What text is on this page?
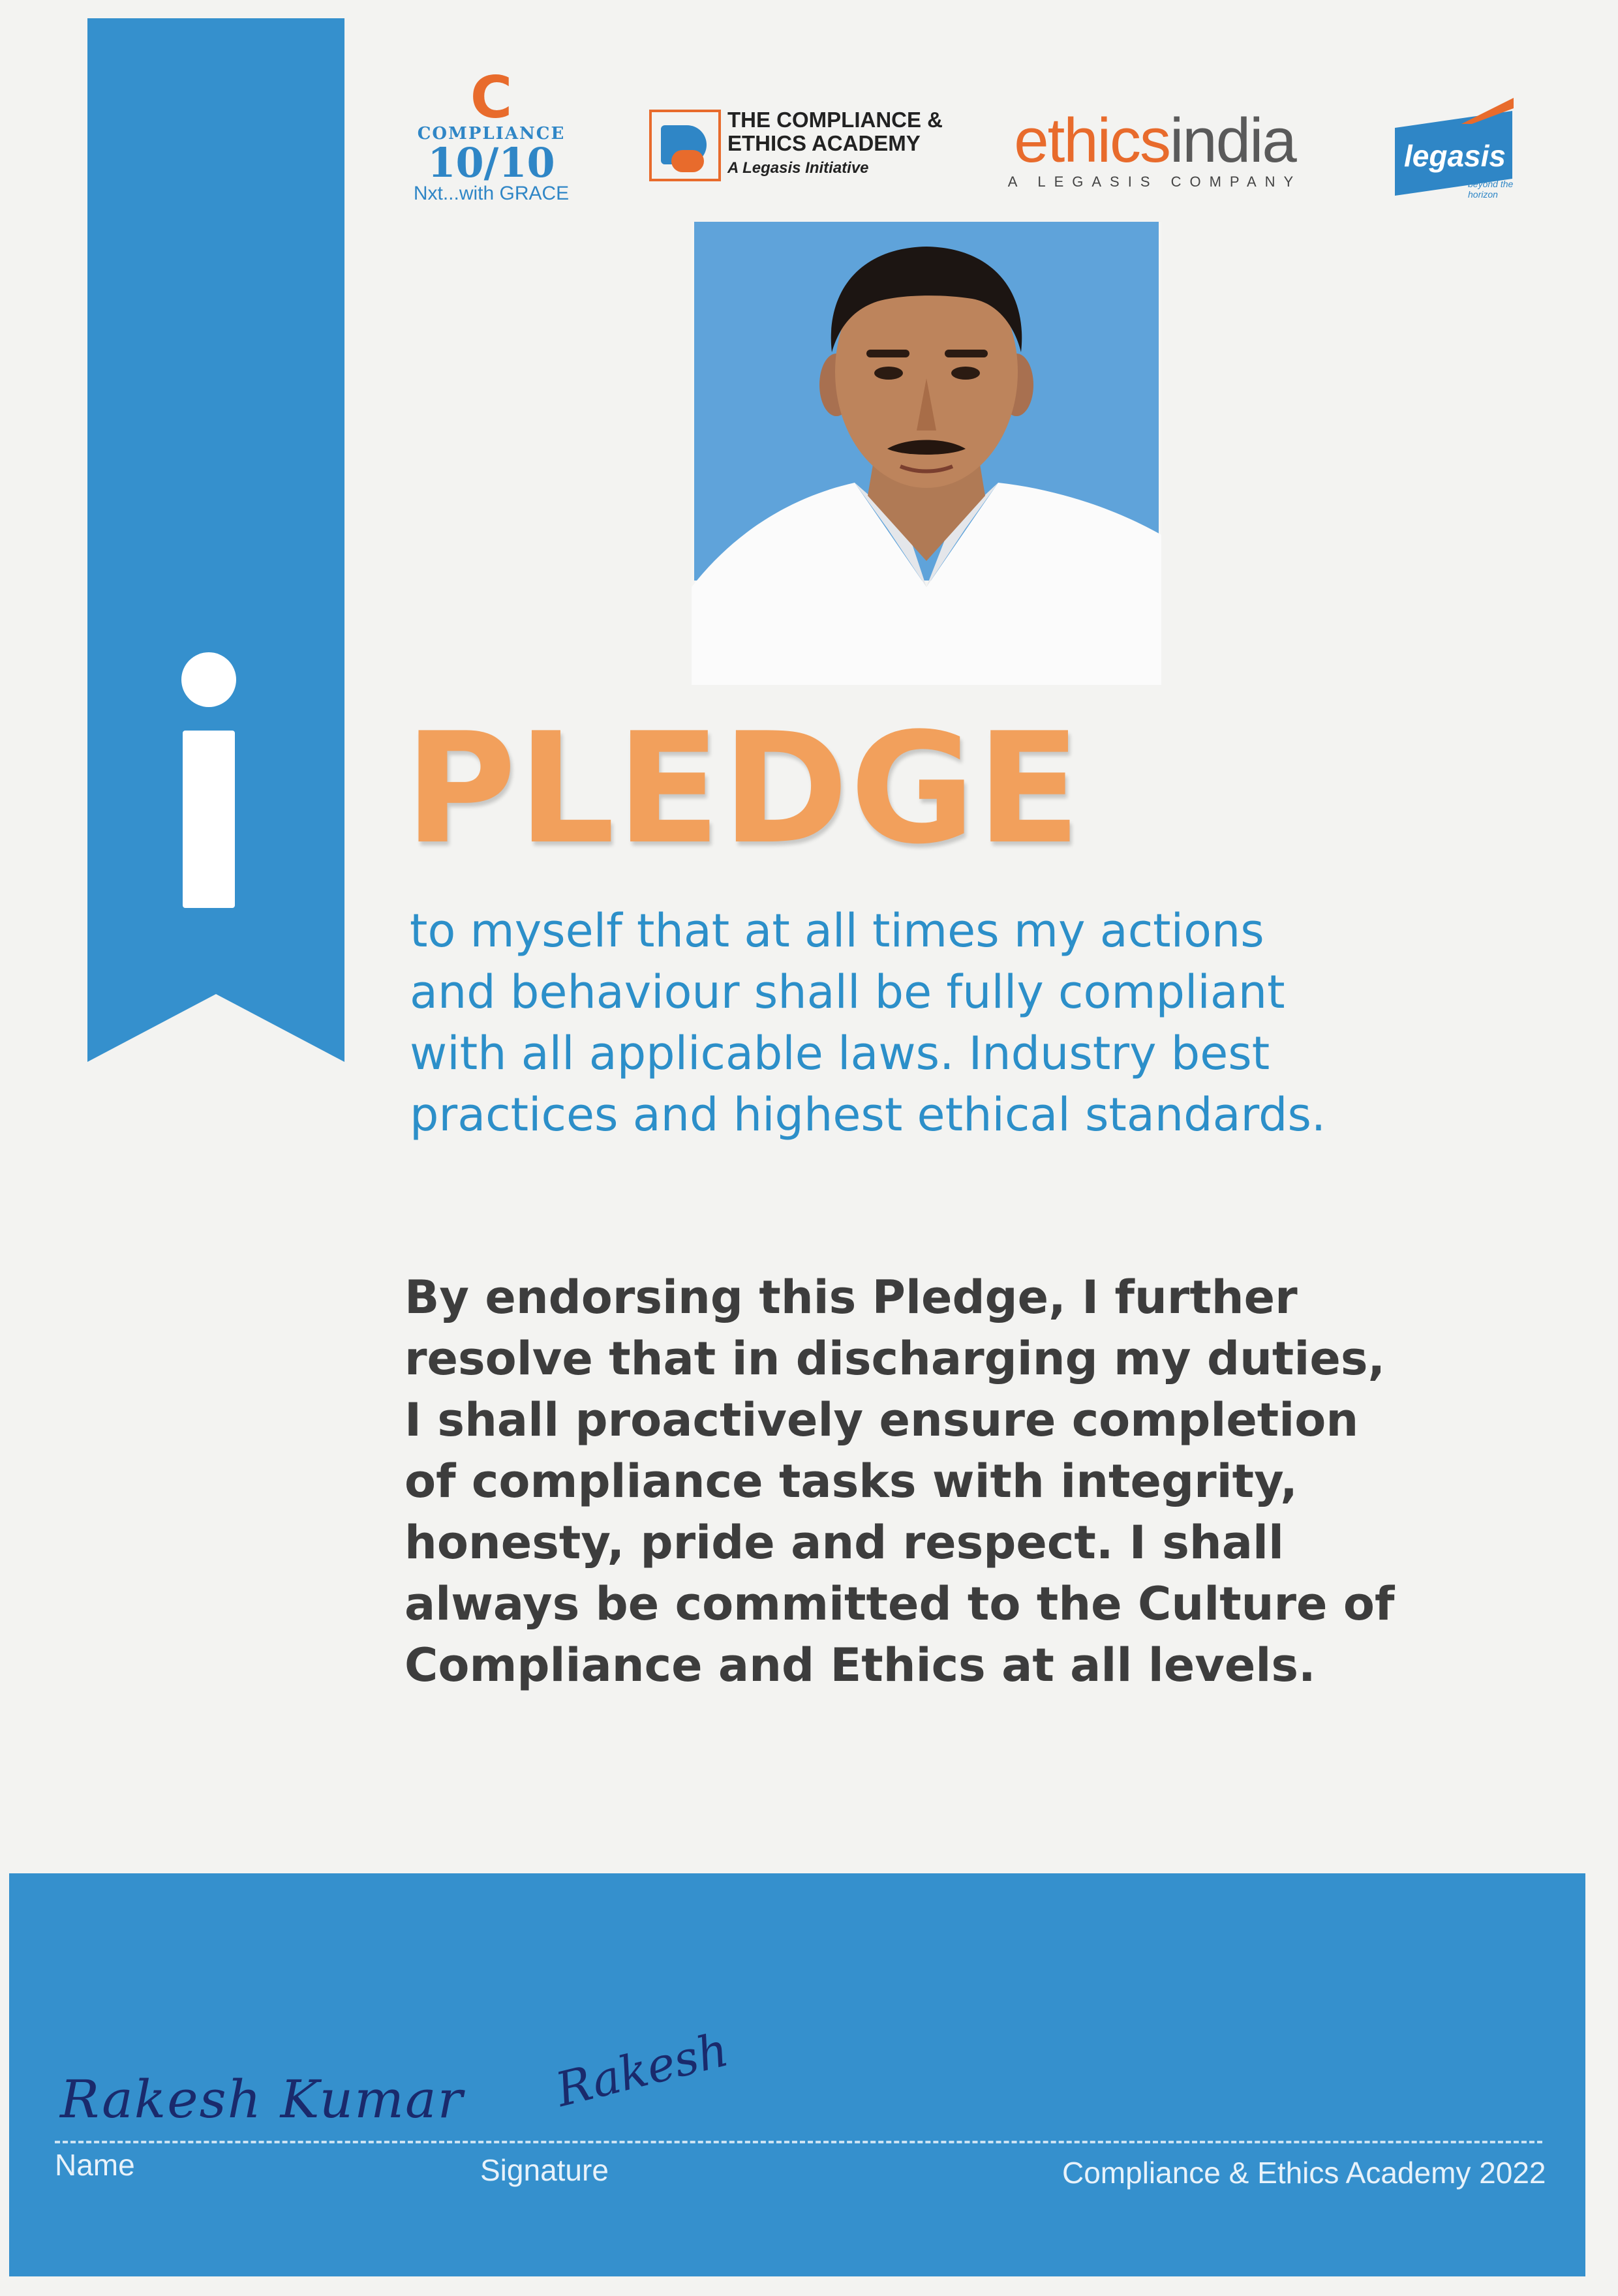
C
COMPLIANCE
10/10
Nxt...with GRACE
THE COMPLIANCE &
ETHICS ACADEMY
A Legasis Initiative	ethicsindia
A LEGASIS COMPANY
legasis
beyond the horizon
PLEDGE

to myself that at all times my actions and behaviour shall be fully compliant with all applicable laws. Industry best practices and highest ethical standards.

By endorsing this Pledge, I further resolve that in discharging my duties, I shall proactively ensure completion of compliance tasks with integrity, honesty, pride and respect. I shall always be committed to the Culture of Compliance and Ethics at all levels.

Rakesh Kumar Rakesh
Name	Signature	Compliance & Ethics Academy 2022
